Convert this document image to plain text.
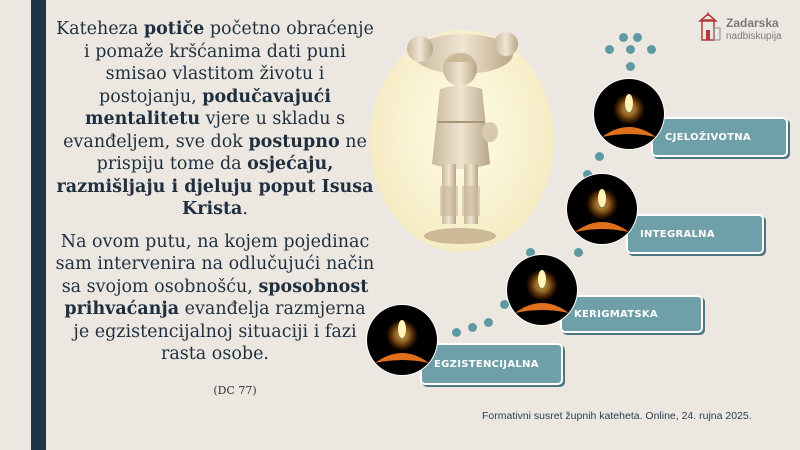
Zadarska
nadbiskupija

Kateheza potiče početno obraćenje i pomaže kršćanima dati puni smisao vlastitom životu i postojanju, podučavajući mentalitetu vjere u skladu s evanđeljem, sve dok postupno ne prispiju tome da osjećaju, razmišljaju i djeluju poput Isusa Krista.

Na ovom putu, na kojem pojedinac sam intervenira na odlučujući način sa svojom osobnošću, sposobnost prihvaćanja evanđelja razmjerna je egzistencijalnoj situaciji i fazi rasta osobe.

(DC 77)
EGZISTENCIJALNA
KERIGMATSKA
INTEGRALNA
CJELOŽIVOTNA
Formativni susret župnih kateheta. Online, 24. rujna 2025.
